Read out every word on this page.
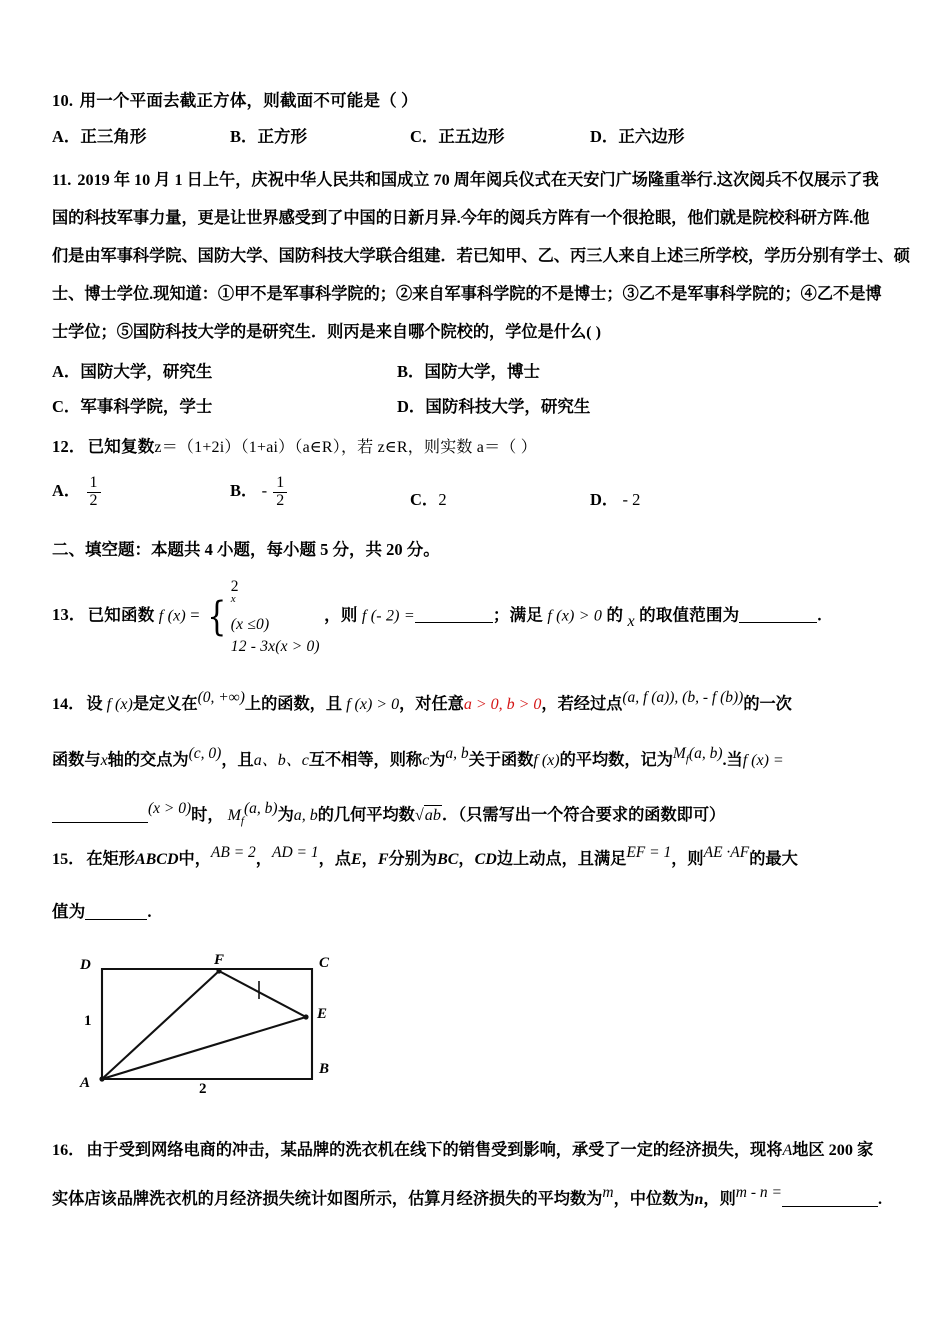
10. 用一个平面去截正方体，则截面不可能是（ ）
A．正三角形	B．正方形	C．正五边形	D．正六边形
11. 2019 年 10 月 1 日上午，庆祝中华人民共和国成立 70 周年阅兵仪式在天安门广场隆重举行.这次阅兵不仅展示了我
国的科技军事力量，更是让世界感受到了中国的日新月异.今年的阅兵方阵有一个很抢眼，他们就是院校科研方阵.他
们是由军事科学院、国防大学、国防科技大学联合组建．若已知甲、乙、丙三人来自上述三所学校，学历分别有学士、硕
士、博士学位.现知道：①甲不是军事科学院的；②来自军事科学院的不是博士；③乙不是军事科学院的；④乙不是博
士学位；⑤国防科技大学的是研究生．则丙是来自哪个院校的，学位是什么( )
A．国防大学，研究生	B．国防大学，博士
C．军事科学院，学士	D．国防科技大学，研究生
12． 已知复数z＝（1+2i）（1+ai）（a∈R），若 z∈R，则实数 a＝（ ）
A． $\frac{1}{2}$	B． - $\frac{1}{2}$	C．2	D． - 2
二、填空题：本题共 4 小题，每小题 5 分，共 20 分。
13． 已知函数 f (x) = {
2
x
(x ≤0)
12 - 3x(x > 0)
，则 f (- 2) =	；满足 f (x) > 0 的 x 的取值范围为	.
14． 设 f (x)是定义在(0, +∞)上的函数，且 f (x) > 0，对任意a > 0, b > 0，若经过点(a, f (a)), (b, - f (b))的一次
函数与x轴的交点为(c, 0)，且a、b、c互不相等，则称c为a, b关于函数f (x)的平均数，记为$M_f(a$, b).当f (x) =
(x > 0)时， $M_f(a$, b)为a, b的几何平均数√ab．（只需写出一个符合要求的函数即可）
15． 在矩形ABCD中，AB = 2，AD = 1，点E，F分别为BC，CD边上动点，且满足EF = 1，则AE ·AF的最大
值为	.
D	C
A
B
F
E
1
2
16． 由于受到网络电商的冲击，某品牌的洗衣机在线下的销售受到影响，承受了一定的经济损失，现将A地区 200 家
实体店该品牌洗衣机的月经济损失统计如图所示，估算月经济损失的平均数为m，中位数为n，则m - n =	.
